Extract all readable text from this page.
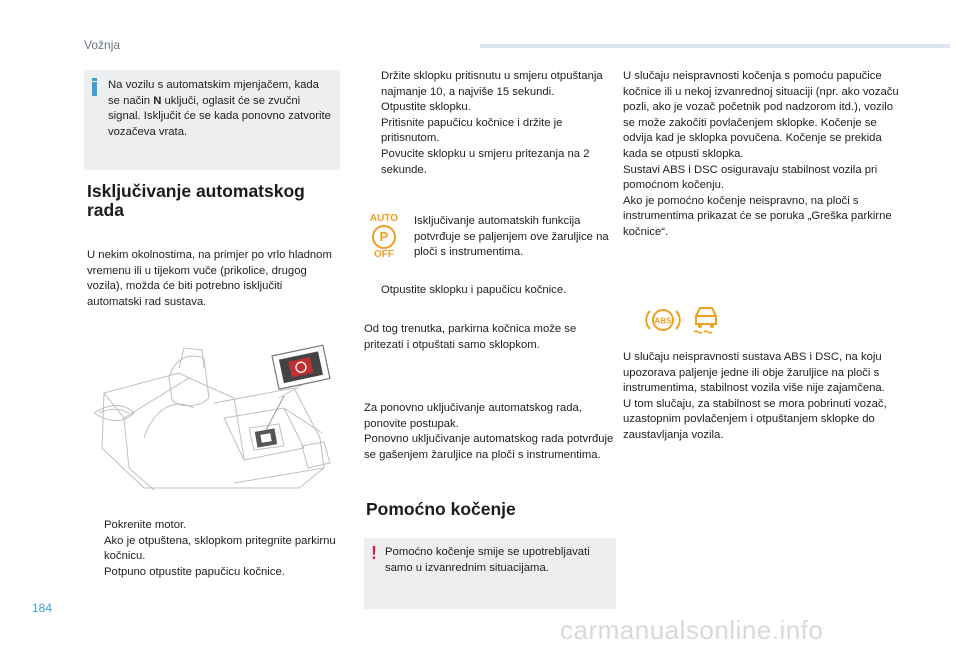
Vožnja
Na vozilu s automatskim mjenjačem, kada se način N uključi, oglasit će se zvučni signal. Isključit će se kada ponovno zatvorite vozačeva vrata.
Isključivanje automatskog rada
U nekim okolnostima, na primjer po vrlo hladnom vremenu ili u tijekom vuče (prikolice, drugog vozila), možda će biti potrebno isključiti automatski rad sustava.
Pokrenite motor.
Ako je otpuštena, sklopkom pritegnite parkirnu kočnicu.
Potpuno otpustite papučicu kočnice.
Držite sklopku pritisnutu u smjeru otpuštanja najmanje 10, a najviše 15 sekundi.
Otpustite sklopku.
Pritisnite papučicu kočnice i držite je pritisnutom.
Povucite sklopku u smjeru pritezanja na 2 sekunde.
AUTO
P
OFF
Isključivanje automatskih funkcija potvrđuje se paljenjem ove žaruljice na ploči s instrumentima.
Otpustite sklopku i papučicu kočnice.
Od tog trenutka, parkirna kočnica može se pritezati i otpuštati samo sklopkom.
Za ponovno uključivanje automatskog rada, ponovite postupak.
Ponovno uključivanje automatskog rada potvrđuje se gašenjem žaruljice na ploči s instrumentima.
Pomoćno kočenje
! Pomoćno kočenje smije se upotrebljavati samo u izvanrednim situacijama.
U slučaju neispravnosti kočenja s pomoću papučice kočnice ili u nekoj izvanrednoj situaciji (npr. ako vozaču pozli, ako je vozač početnik pod nadzorom itd.), vozilo se može zakočiti povlačenjem sklopke. Kočenje se odvija kad je sklopka povučena. Kočenje se prekida kada se otpusti sklopka.
Sustavi ABS i DSC osiguravaju stabilnost vozila pri pomoćnom kočenju.
Ako je pomoćno kočenje neispravno, na ploči s instrumentima prikazat će se poruka „Greška parkirne kočnice“.
ABS
U slučaju neispravnosti sustava ABS i DSC, na koju upozorava paljenje jedne ili obje žaruljice na ploči s instrumentima, stabilnost vozila više nije zajamčena.
U tom slučaju, za stabilnost se mora pobrinuti vozač, uzastopnim povlačenjem i otpuštanjem sklopke do zaustavljanja vozila.
184
carmanualsonline.info
